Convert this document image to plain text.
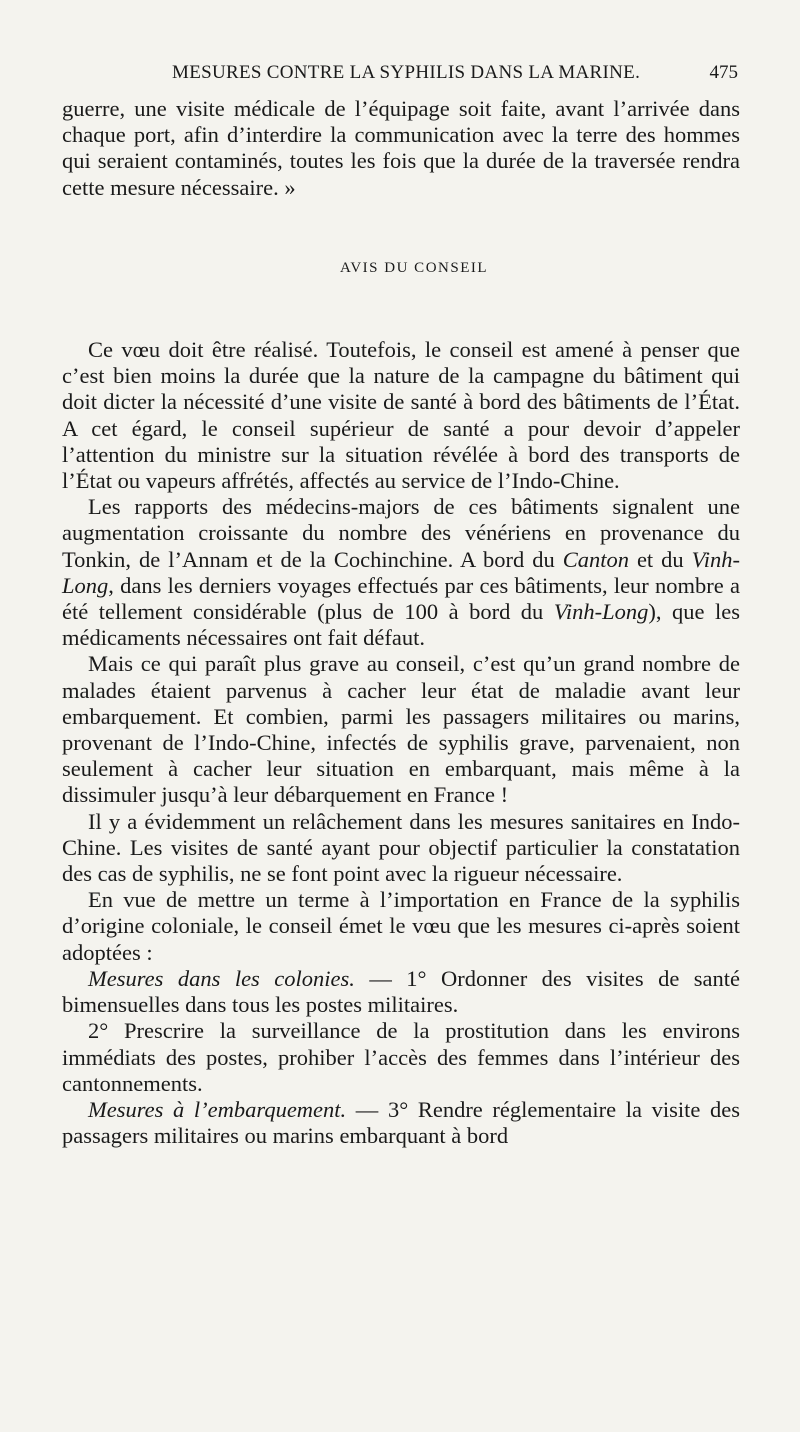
MESURES CONTRE LA SYPHILIS DANS LA MARINE.	475

guerre, une visite médicale de l’équipage soit faite, avant l’arrivée dans chaque port, afin d’interdire la communication avec la terre des hommes qui seraient contaminés, toutes les fois que la durée de la traversée rendra cette mesure nécessaire. »

AVIS DU CONSEIL

Ce vœu doit être réalisé. Toutefois, le conseil est amené à penser que c’est bien moins la durée que la nature de la campagne du bâtiment qui doit dicter la nécessité d’une visite de santé à bord des bâtiments de l’État. A cet égard, le conseil supérieur de santé a pour devoir d’appeler l’attention du ministre sur la situation révélée à bord des transports de l’État ou vapeurs affrétés, affectés au service de l’Indo-Chine.

Les rapports des médecins-majors de ces bâtiments signalent une augmentation croissante du nombre des vénériens en provenance du Tonkin, de l’Annam et de la Cochinchine. A bord du Canton et du Vinh-Long, dans les derniers voyages effectués par ces bâtiments, leur nombre a été tellement considérable (plus de 100 à bord du Vinh-Long), que les médicaments nécessaires ont fait défaut.

Mais ce qui paraît plus grave au conseil, c’est qu’un grand nombre de malades étaient parvenus à cacher leur état de maladie avant leur embarquement. Et combien, parmi les passagers militaires ou marins, provenant de l’Indo-Chine, infectés de syphilis grave, parvenaient, non seulement à cacher leur situation en embarquant, mais même à la dissimuler jusqu’à leur débarquement en France !

Il y a évidemment un relâchement dans les mesures sanitaires en Indo-Chine. Les visites de santé ayant pour objectif particulier la constatation des cas de syphilis, ne se font point avec la rigueur nécessaire.

En vue de mettre un terme à l’importation en France de la syphilis d’origine coloniale, le conseil émet le vœu que les mesures ci-après soient adoptées :

Mesures dans les colonies. — 1° Ordonner des visites de santé bimensuelles dans tous les postes militaires.

2° Prescrire la surveillance de la prostitution dans les environs immédiats des postes, prohiber l’accès des femmes dans l’intérieur des cantonnements.

Mesures à l’embarquement. — 3° Rendre réglementaire la visite des passagers militaires ou marins embarquant à bord
